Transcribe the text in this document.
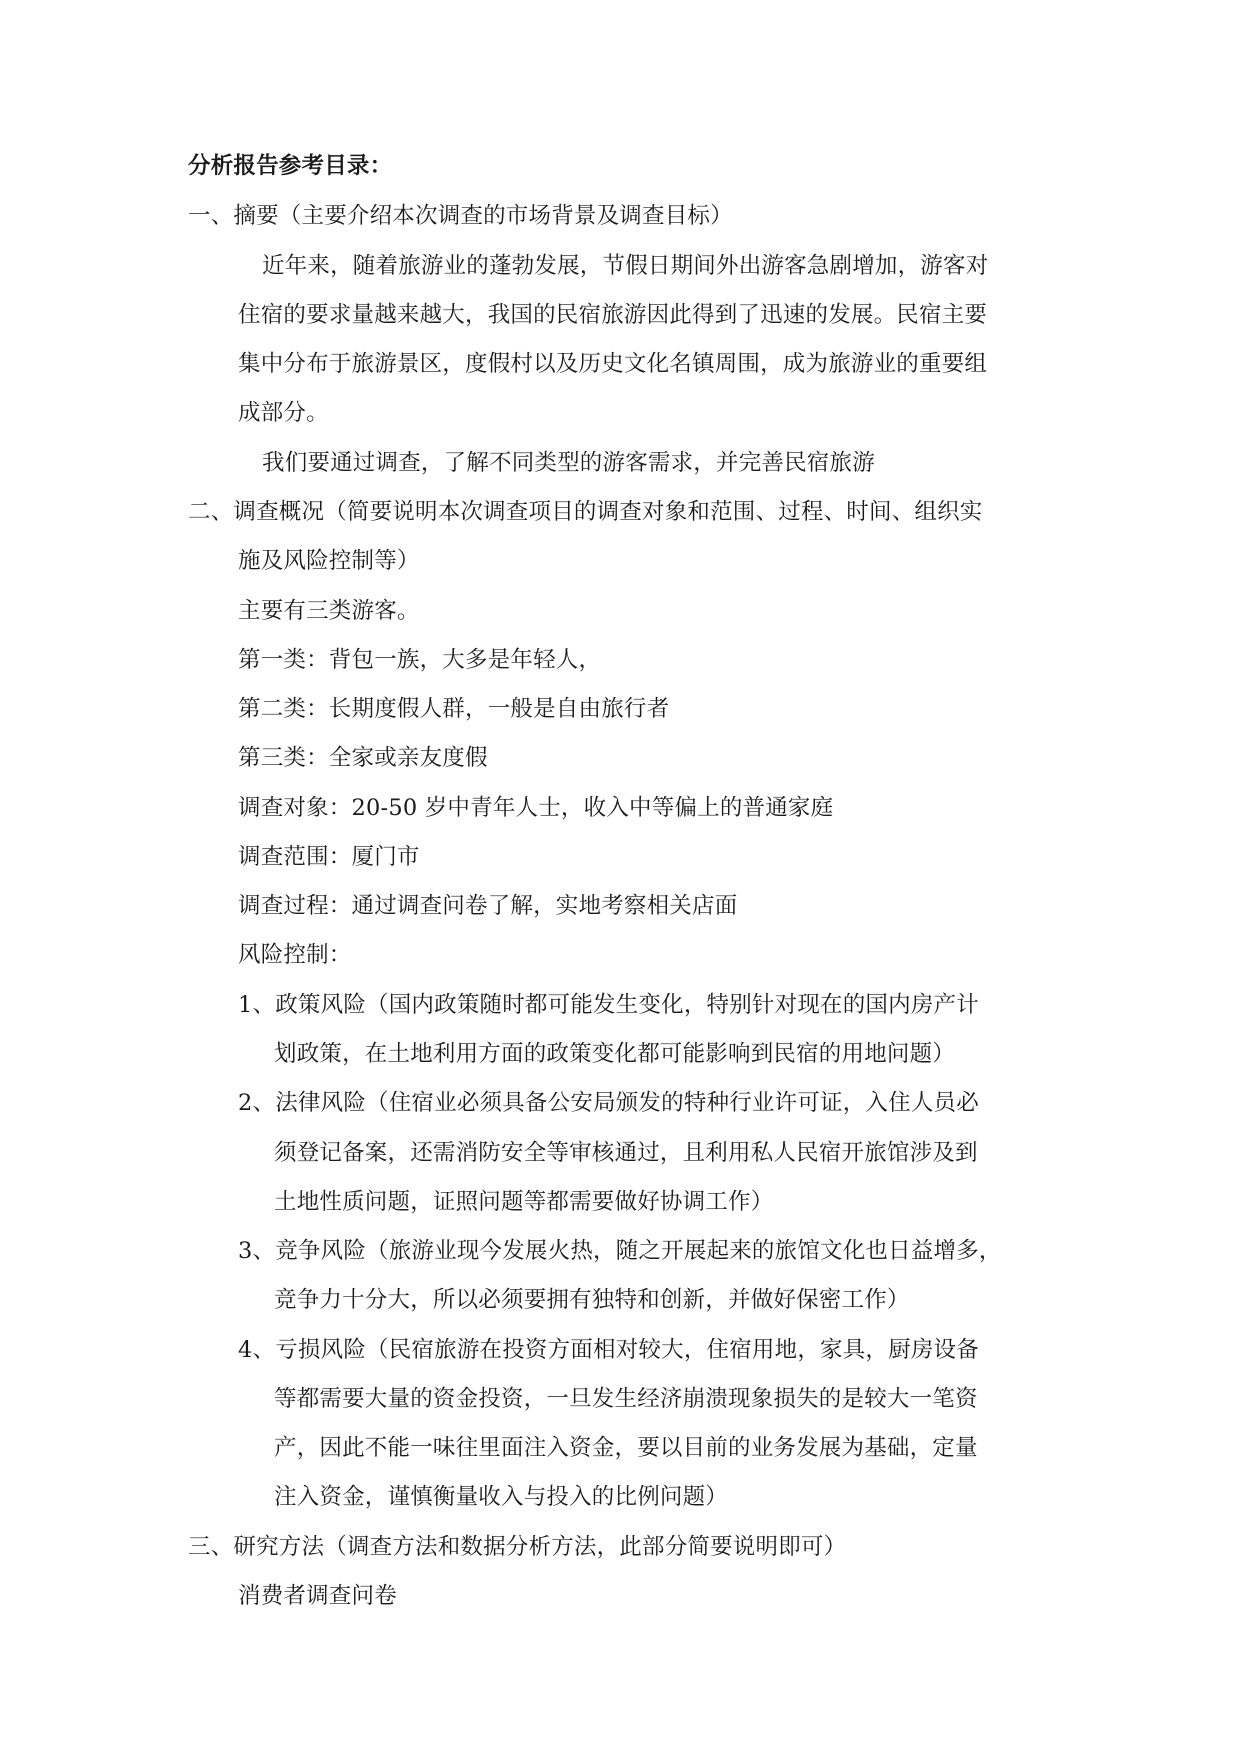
分析报告参考目录：
一、摘要（主要介绍本次调查的市场背景及调查目标）
近年来，随着旅游业的蓬勃发展，节假日期间外出游客急剧增加，游客对
住宿的要求量越来越大，我国的民宿旅游因此得到了迅速的发展。民宿主要
集中分布于旅游景区，度假村以及历史文化名镇周围，成为旅游业的重要组
成部分。
我们要通过调查，了解不同类型的游客需求，并完善民宿旅游
二、调查概况（简要说明本次调查项目的调查对象和范围、过程、时间、组织实
施及风险控制等）
主要有三类游客。
第一类：背包一族，大多是年轻人，
第二类：长期度假人群，一般是自由旅行者
第三类：全家或亲友度假
调查对象：20-50 岁中青年人士，收入中等偏上的普通家庭
调查范围：厦门市
调查过程：通过调查问卷了解，实地考察相关店面
风险控制：
1、政策风险（国内政策随时都可能发生变化，特别针对现在的国内房产计
划政策，在土地利用方面的政策变化都可能影响到民宿的用地问题）
2、法律风险（住宿业必须具备公安局颁发的特种行业许可证，入住人员必
须登记备案，还需消防安全等审核通过，且利用私人民宿开旅馆涉及到
土地性质问题，证照问题等都需要做好协调工作）
3、竞争风险（旅游业现今发展火热，随之开展起来的旅馆文化也日益增多，
竞争力十分大，所以必须要拥有独特和创新，并做好保密工作）
4、亏损风险（民宿旅游在投资方面相对较大，住宿用地，家具，厨房设备
等都需要大量的资金投资，一旦发生经济崩溃现象损失的是较大一笔资
产，因此不能一味往里面注入资金，要以目前的业务发展为基础，定量
注入资金，谨慎衡量收入与投入的比例问题）
三、研究方法（调查方法和数据分析方法，此部分简要说明即可）
消费者调查问卷
